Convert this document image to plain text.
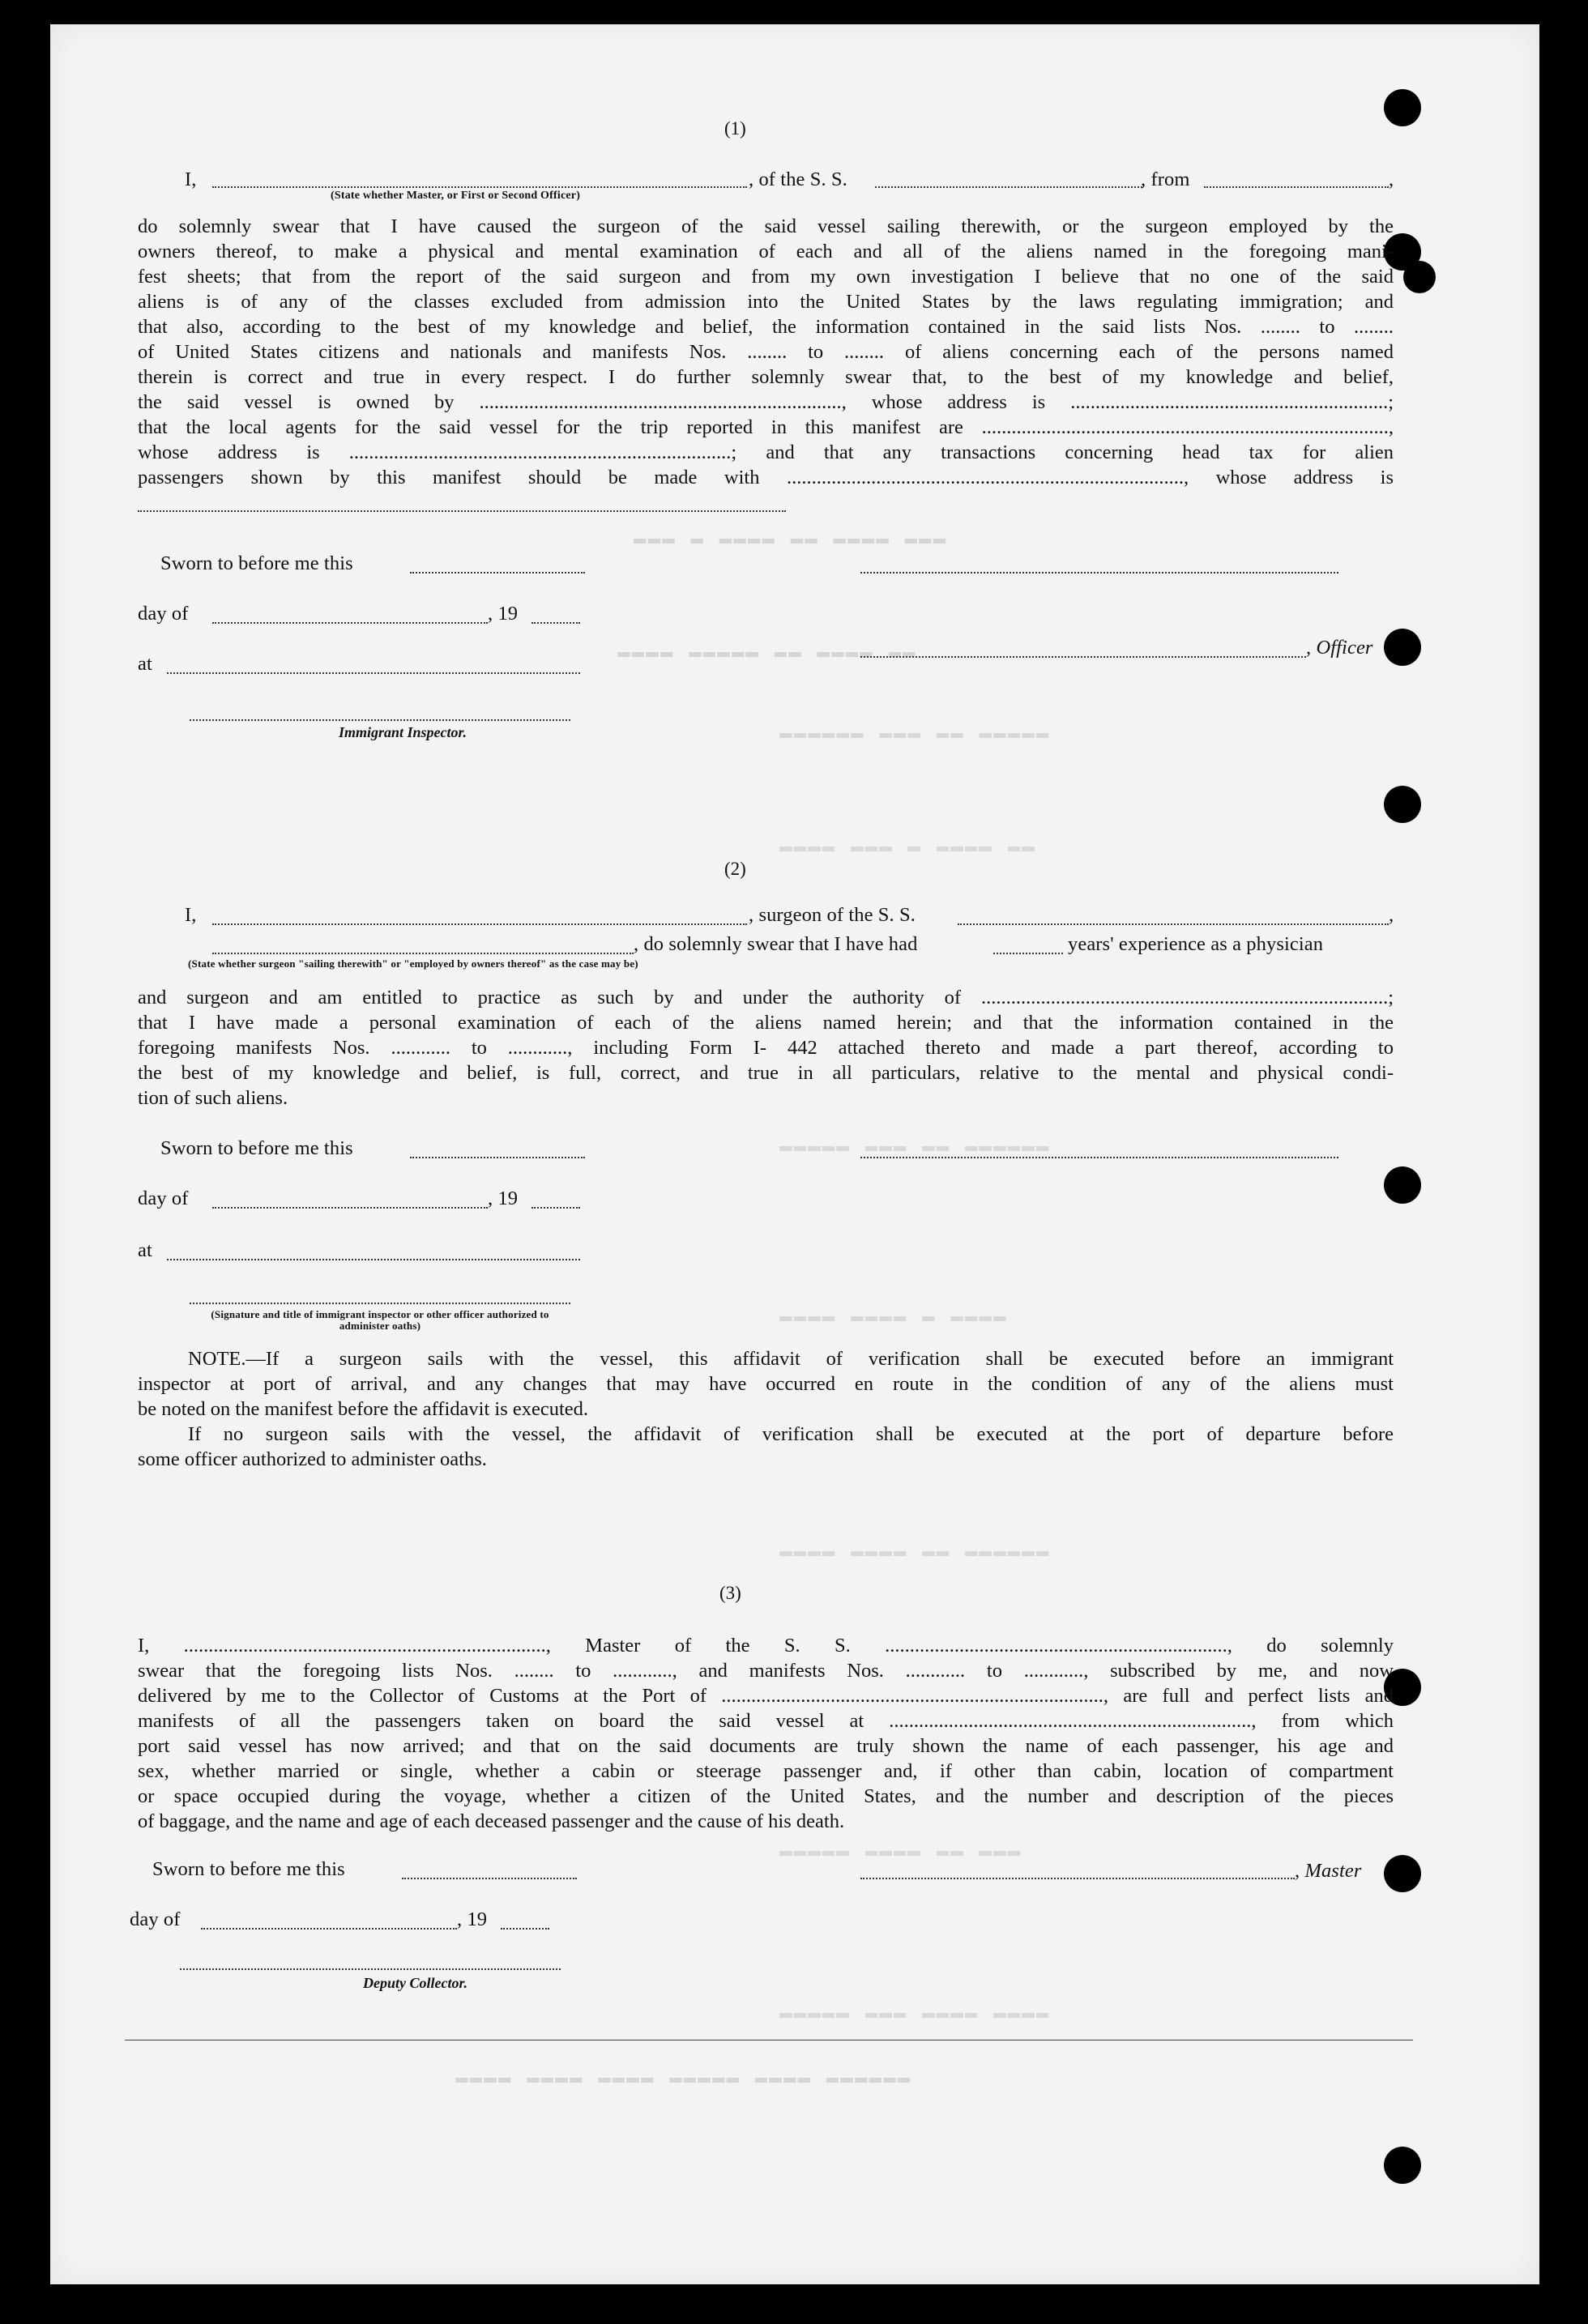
▬▬▬ ▬ ▬▬▬▬ ▬▬ ▬▬▬▬ ▬▬▬
▬▬▬▬ ▬▬▬▬▬ ▬▬ ▬▬▬▬ ▬▬
▬▬▬▬▬▬ ▬▬▬ ▬▬ ▬▬▬▬▬
▬▬▬▬ ▬▬▬ ▬ ▬▬▬▬ ▬▬
▬▬▬▬▬ ▬▬▬ ▬▬ ▬▬▬▬▬▬
▬▬▬▬ ▬▬▬▬ ▬ ▬▬▬▬
▬▬▬▬ ▬▬▬▬ ▬▬ ▬▬▬▬▬▬
▬▬▬▬▬ ▬▬▬▬ ▬▬ ▬▬▬
▬▬▬▬▬ ▬▬▬ ▬▬▬▬ ▬▬▬▬
▬▬▬▬ ▬▬▬▬ ▬▬▬▬ ▬▬▬▬▬ ▬▬▬▬ ▬▬▬▬▬▬
(1)
I,	, of the S. S.	, from	,
(State whether Master, or First or Second Officer)
do solemnly swear that I have caused the surgeon of the said vessel sailing therewith, or the surgeon employed by the
owners thereof, to make a physical and mental examination of each and all of the aliens named in the foregoing mani-
fest sheets; that from the report of the said surgeon and from my own investigation I believe that no one of the said
aliens is of any of the classes excluded from admission into the United States by the laws regulating immigration; and
that also, according to the best of my knowledge and belief, the information contained in the said lists Nos. ........ to ........
of United States citizens and nationals and manifests Nos. ........ to ........ of aliens concerning each of the persons named
therein is correct and true in every respect. I do further solemnly swear that, to the best of my knowledge and belief,
the said vessel is owned by ........................................................................., whose address is ................................................................;
that the local agents for the said vessel for the trip reported in this manifest are ..................................................................................,
whose address is .............................................................................; and that any transactions concerning head tax for alien
passengers shown by this manifest should be made with ................................................................................, whose address is
Sworn to before me this
day of	, 19
, Officer
at
Immigrant Inspector.
(2)
I,	, surgeon of the S. S.	,
, do solemnly swear that I have had	years' experience as a physician
(State whether surgeon "sailing therewith" or "employed by owners thereof" as the case may be)
and surgeon and am entitled to practice as such by and under the authority of ..................................................................................;
that I have made a personal examination of each of the aliens named herein; and that the information contained in the
foregoing manifests Nos. ............ to ............, including Form I- 442 attached thereto and made a part thereof, according to
the best of my knowledge and belief, is full, correct, and true in all particulars, relative to the mental and physical condi-
tion of such aliens.
Sworn to before me this
day of	, 19
at
(Signature and title of immigrant inspector or other officer authorized to administer oaths)
NOTE.—If a surgeon sails with the vessel, this affidavit of verification shall be executed before an immigrant
inspector at port of arrival, and any changes that may have occurred en route in the condition of any of the aliens must
be noted on the manifest before the affidavit is executed.
If no surgeon sails with the vessel, the affidavit of verification shall be executed at the port of departure before
some officer authorized to administer oaths.
(3)
I, ........................................................................., Master of the S. S. ....................................................................., do solemnly
swear that the foregoing lists Nos. ........ to ............, and manifests Nos. ............ to ............, subscribed by me, and now
delivered by me to the Collector of Customs at the Port of ............................................................................., are full and perfect lists and
manifests of all the passengers taken on board the said vessel at ........................................................................., from which
port said vessel has now arrived; and that on the said documents are truly shown the name of each passenger, his age and
sex, whether married or single, whether a cabin or steerage passenger and, if other than cabin, location of compartment
or space occupied during the voyage, whether a citizen of the United States, and the number and description of the pieces
of baggage, and the name and age of each deceased passenger and the cause of his death.
Sworn to before me this	, Master
day of	, 19
Deputy Collector.
